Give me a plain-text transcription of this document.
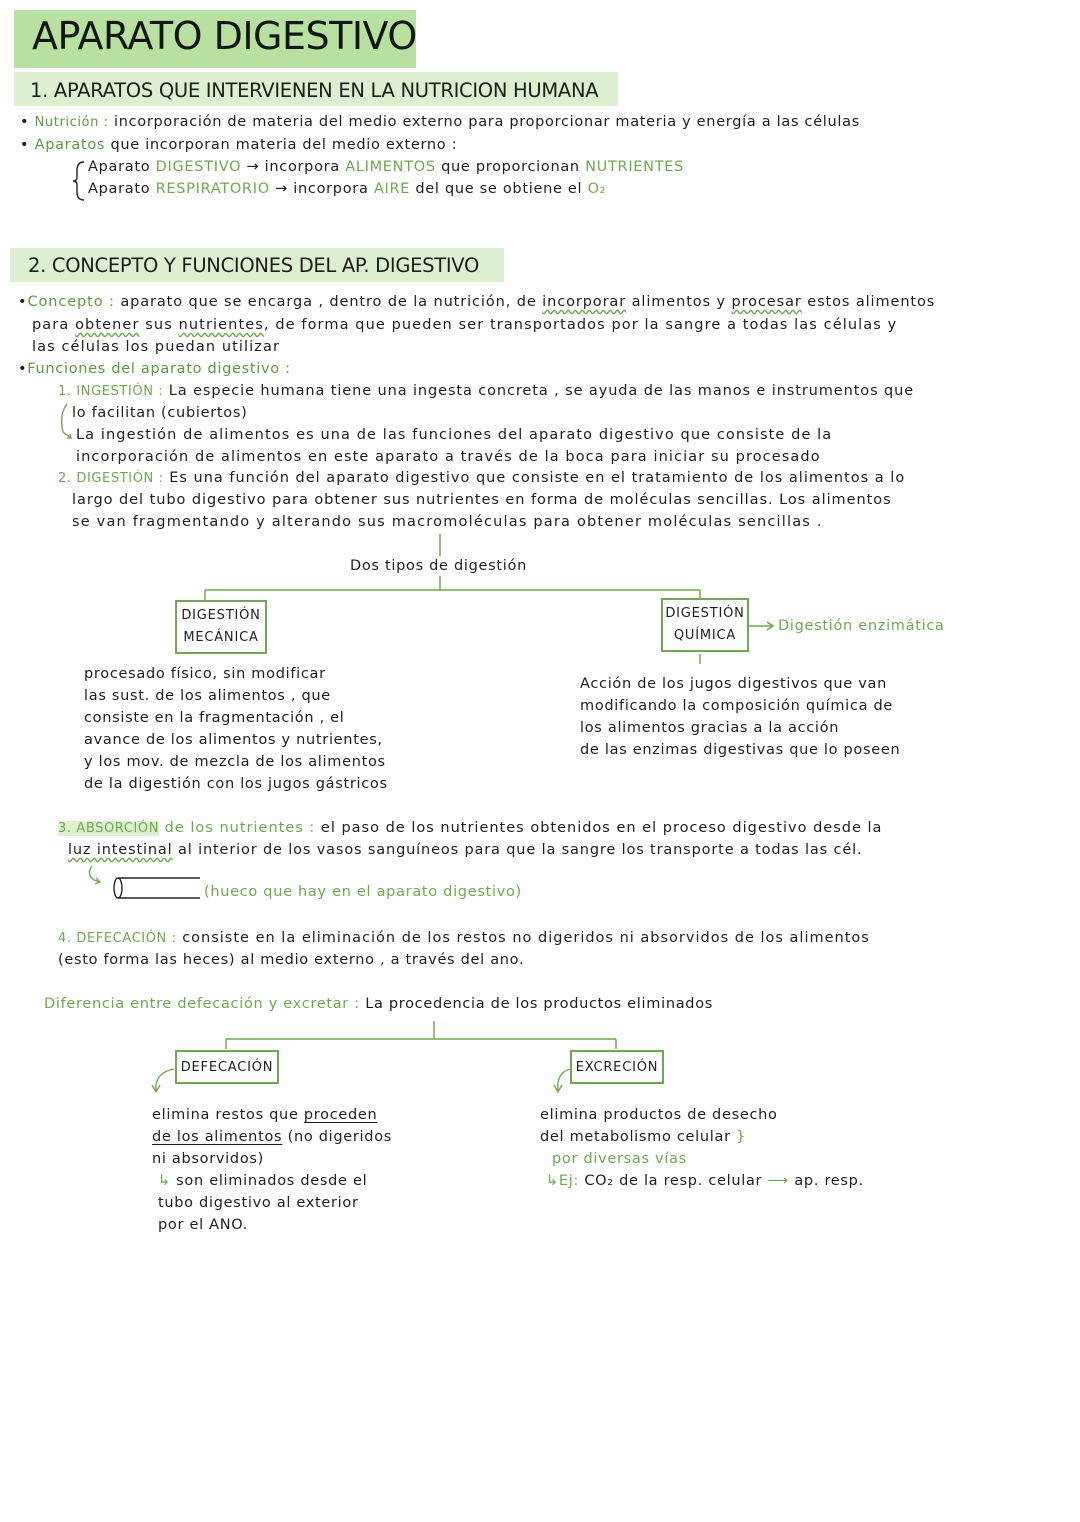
APARATO DIGESTIVO
1. APARATOS QUE INTERVIENEN EN LA NUTRICION HUMANA
• Nutrición : incorporación de materia del medio externo para proporcionar materia y energía a las células
• Aparatos que incorporan materia del medio externo :
Aparato DIGESTIVO → incorpora ALIMENTOS que proporcionan NUTRIENTES
Aparato RESPIRATORIO → incorpora AIRE del que se obtiene el O₂
2. CONCEPTO Y FUNCIONES DEL AP. DIGESTIVO
•Concepto : aparato que se encarga , dentro de la nutrición, de incorporar alimentos y procesar estos alimentos
para obtener sus nutrientes, de forma que pueden ser transportados por la sangre a todas las células y
las células los puedan utilizar
•Funciones del aparato digestivo :
1. INGESTIÓN : La especie humana tiene una ingesta concreta , se ayuda de las manos e instrumentos que
lo facilitan (cubiertos)
La ingestión de alimentos es una de las funciones del aparato digestivo que consiste de la
incorporación de alimentos en este aparato a través de la boca para iniciar su procesado
2. DIGESTIÓN : Es una función del aparato digestivo que consiste en el tratamiento de los alimentos a lo
largo del tubo digestivo para obtener sus nutrientes en forma de moléculas sencillas. Los alimentos
se van fragmentando y alterando sus macromoléculas para obtener moléculas sencillas .
Dos tipos de digestión
DIGESTIÓN
MECÁNICA
DIGESTIÓN
QUÍMICA
Digestión enzimática
procesado físico, sin modificar
las sust. de los alimentos , que
consiste en la fragmentación , el
avance de los alimentos y nutrientes,
y los mov. de mezcla de los alimentos
de la digestión con los jugos gástricos
Acción de los jugos digestivos que van
modificando la composición química de
los alimentos gracias a la acción
de las enzimas digestivas que lo poseen
3. ABSORCIÓN de los nutrientes : el paso de los nutrientes obtenidos en el proceso digestivo desde la
luz intestinal al interior de los vasos sanguíneos para que la sangre los transporte a todas las cél.
(hueco que hay en el aparato digestivo)
4. DEFECACIÓN : consiste en la eliminación de los restos no digeridos ni absorvidos de los alimentos
(esto forma las heces) al medio externo , a través del ano.
Diferencia entre defecación y excretar : La procedencia de los productos eliminados
DEFECACIÓN	EXCRECIÓN
elimina restos que proceden
de los alimentos (no digeridos
ni absorvidos)
↳ son eliminados desde el
tubo digestivo al exterior
por el ANO.
elimina productos de desecho
del metabolismo celular }
por diversas vías
↳Ej: CO₂ de la resp. celular ⟶ ap. resp.
